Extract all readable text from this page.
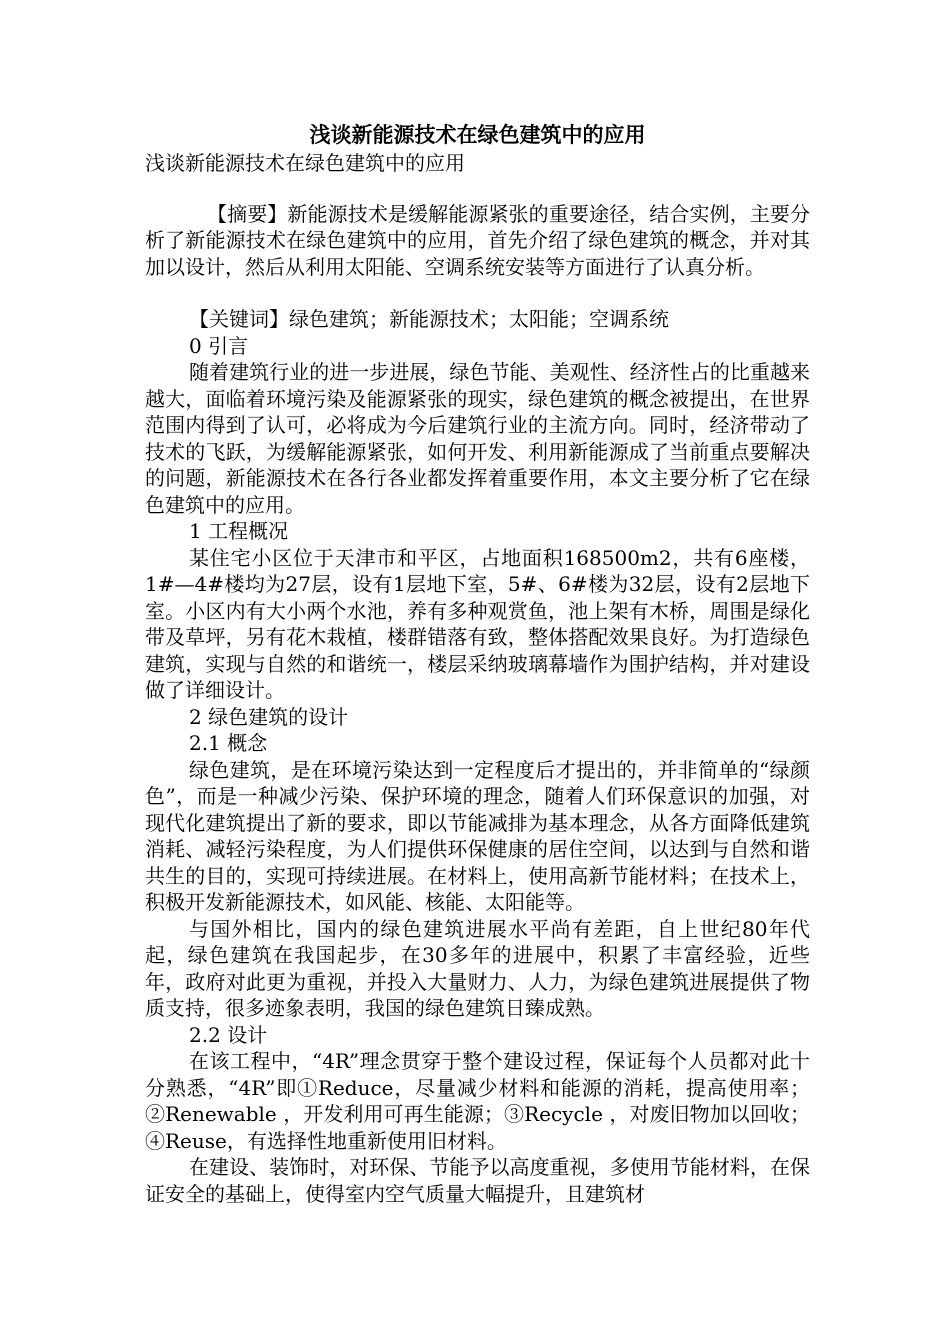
浅谈新能源技术在绿色建筑中的应用

浅谈新能源技术在绿色建筑中的应用

【摘要】新能源技术是缓解能源紧张的重要途径，结合实例，主要分析了新能源技术在绿色建筑中的应用，首先介绍了绿色建筑的概念，并对其加以设计，然后从利用太阳能、空调系统安装等方面进行了认真分析。

【关键词】绿色建筑；新能源技术；太阳能；空调系统

0 引言

随着建筑行业的进一步进展，绿色节能、美观性、经济性占的比重越来越大，面临着环境污染及能源紧张的现实，绿色建筑的概念被提出，在世界范围内得到了认可，必将成为今后建筑行业的主流方向。同时，经济带动了技术的飞跃，为缓解能源紧张，如何开发、利用新能源成了当前重点要解决的问题，新能源技术在各行各业都发挥着重要作用，本文主要分析了它在绿色建筑中的应用。

1 工程概况

某住宅小区位于天津市和平区，占地面积168500m2，共有6座楼，1#—4#楼均为27层，设有1层地下室，5#、6#楼为32层，设有2层地下室。小区内有大小两个水池，养有多种观赏鱼，池上架有木桥，周围是绿化带及草坪，另有花木栽植，楼群错落有致，整体搭配效果良好。为打造绿色建筑，实现与自然的和谐统一，楼层采纳玻璃幕墙作为围护结构，并对建设做了详细设计。

2 绿色建筑的设计

2.1 概念

绿色建筑，是在环境污染达到一定程度后才提出的，并非简单的“绿颜色”，而是一种减少污染、保护环境的理念，随着人们环保意识的加强，对现代化建筑提出了新的要求，即以节能减排为基本理念，从各方面降低建筑消耗、减轻污染程度，为人们提供环保健康的居住空间，以达到与自然和谐共生的目的，实现可持续进展。在材料上，使用高新节能材料；在技术上，积极开发新能源技术，如风能、核能、太阳能等。

与国外相比，国内的绿色建筑进展水平尚有差距，自上世纪80年代起，绿色建筑在我国起步，在30多年的进展中，积累了丰富经验，近些年，政府对此更为重视，并投入大量财力、人力，为绿色建筑进展提供了物质支持，很多迹象表明，我国的绿色建筑日臻成熟。

2.2 设计

在该工程中，“4R”理念贯穿于整个建设过程，保证每个人员都对此十分熟悉，“4R”即①Reduce，尽量减少材料和能源的消耗，提高使用率；②Renewable ，开发利用可再生能源；③Recycle ，对废旧物加以回收；④Reuse，有选择性地重新使用旧材料。

在建设、装饰时，对环保、节能予以高度重视，多使用节能材料，在保证安全的基础上，使得室内空气质量大幅提升，且建筑材
